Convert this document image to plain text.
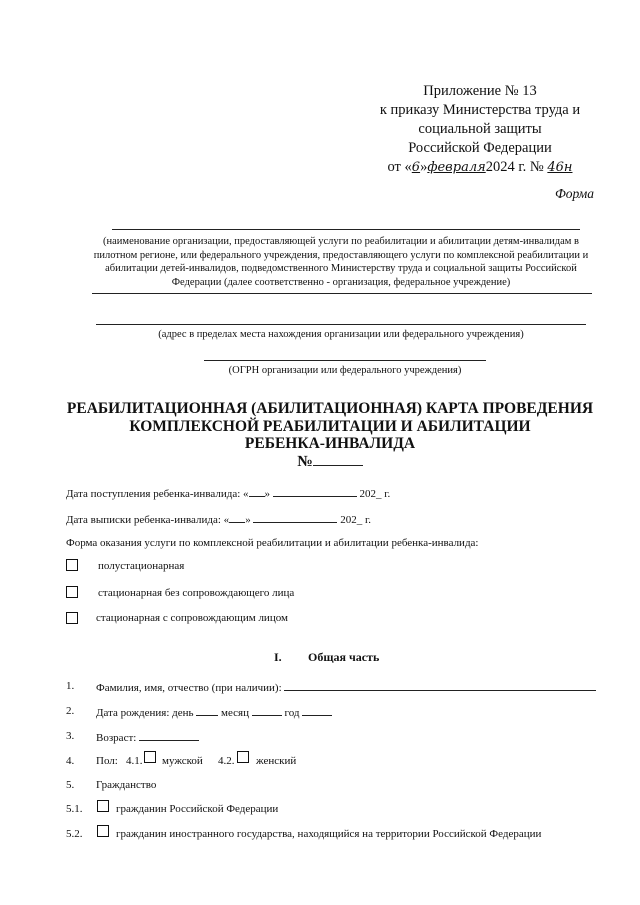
Приложение № 13
к приказу Министерства труда и
социальной защиты
Российской Федерации
от «6»февраля2024 г. № 46н
Форма
(наименование организации, предоставляющей услуги по реабилитации и абилитации детям-инвалидам в пилотном регионе, или федерального учреждения, предоставляющего услуги по комплексной реабилитации и абилитации детей-инвалидов, подведомственного Министерству труда и социальной защиты Российской Федерации (далее соответственно - организация, федеральное учреждение)
(адрес в пределах места нахождения организации или федерального учреждения)
(ОГРН организации или федерального учреждения)
РЕАБИЛИТАЦИОННАЯ (АБИЛИТАЦИОННАЯ) КАРТА ПРОВЕДЕНИЯ
КОМПЛЕКСНОЙ РЕАБИЛИТАЦИИ И АБИЛИТАЦИИ
РЕБЕНКА-ИНВАЛИДА
№
Дата поступления ребенка-инвалида: « »	202_ г.
Дата выписки ребенка-инвалида: « »	202_ г.
Форма оказания услуги по комплексной реабилитации и абилитации ребенка-инвалида:
полустационарная
стационарная без сопровождающего лица
стационарная с сопровождающим лицом
I. Общая часть
1. Фамилия, имя, отчество (при наличии):
2. Дата рождения: день	месяц	год
3. Возраст:
4. Пол: 4.1. мужской 4.2. женский
5. Гражданство
5.1.	гражданин Российской Федерации
5.2.	гражданин иностранного государства, находящийся на территории Российской Федерации
